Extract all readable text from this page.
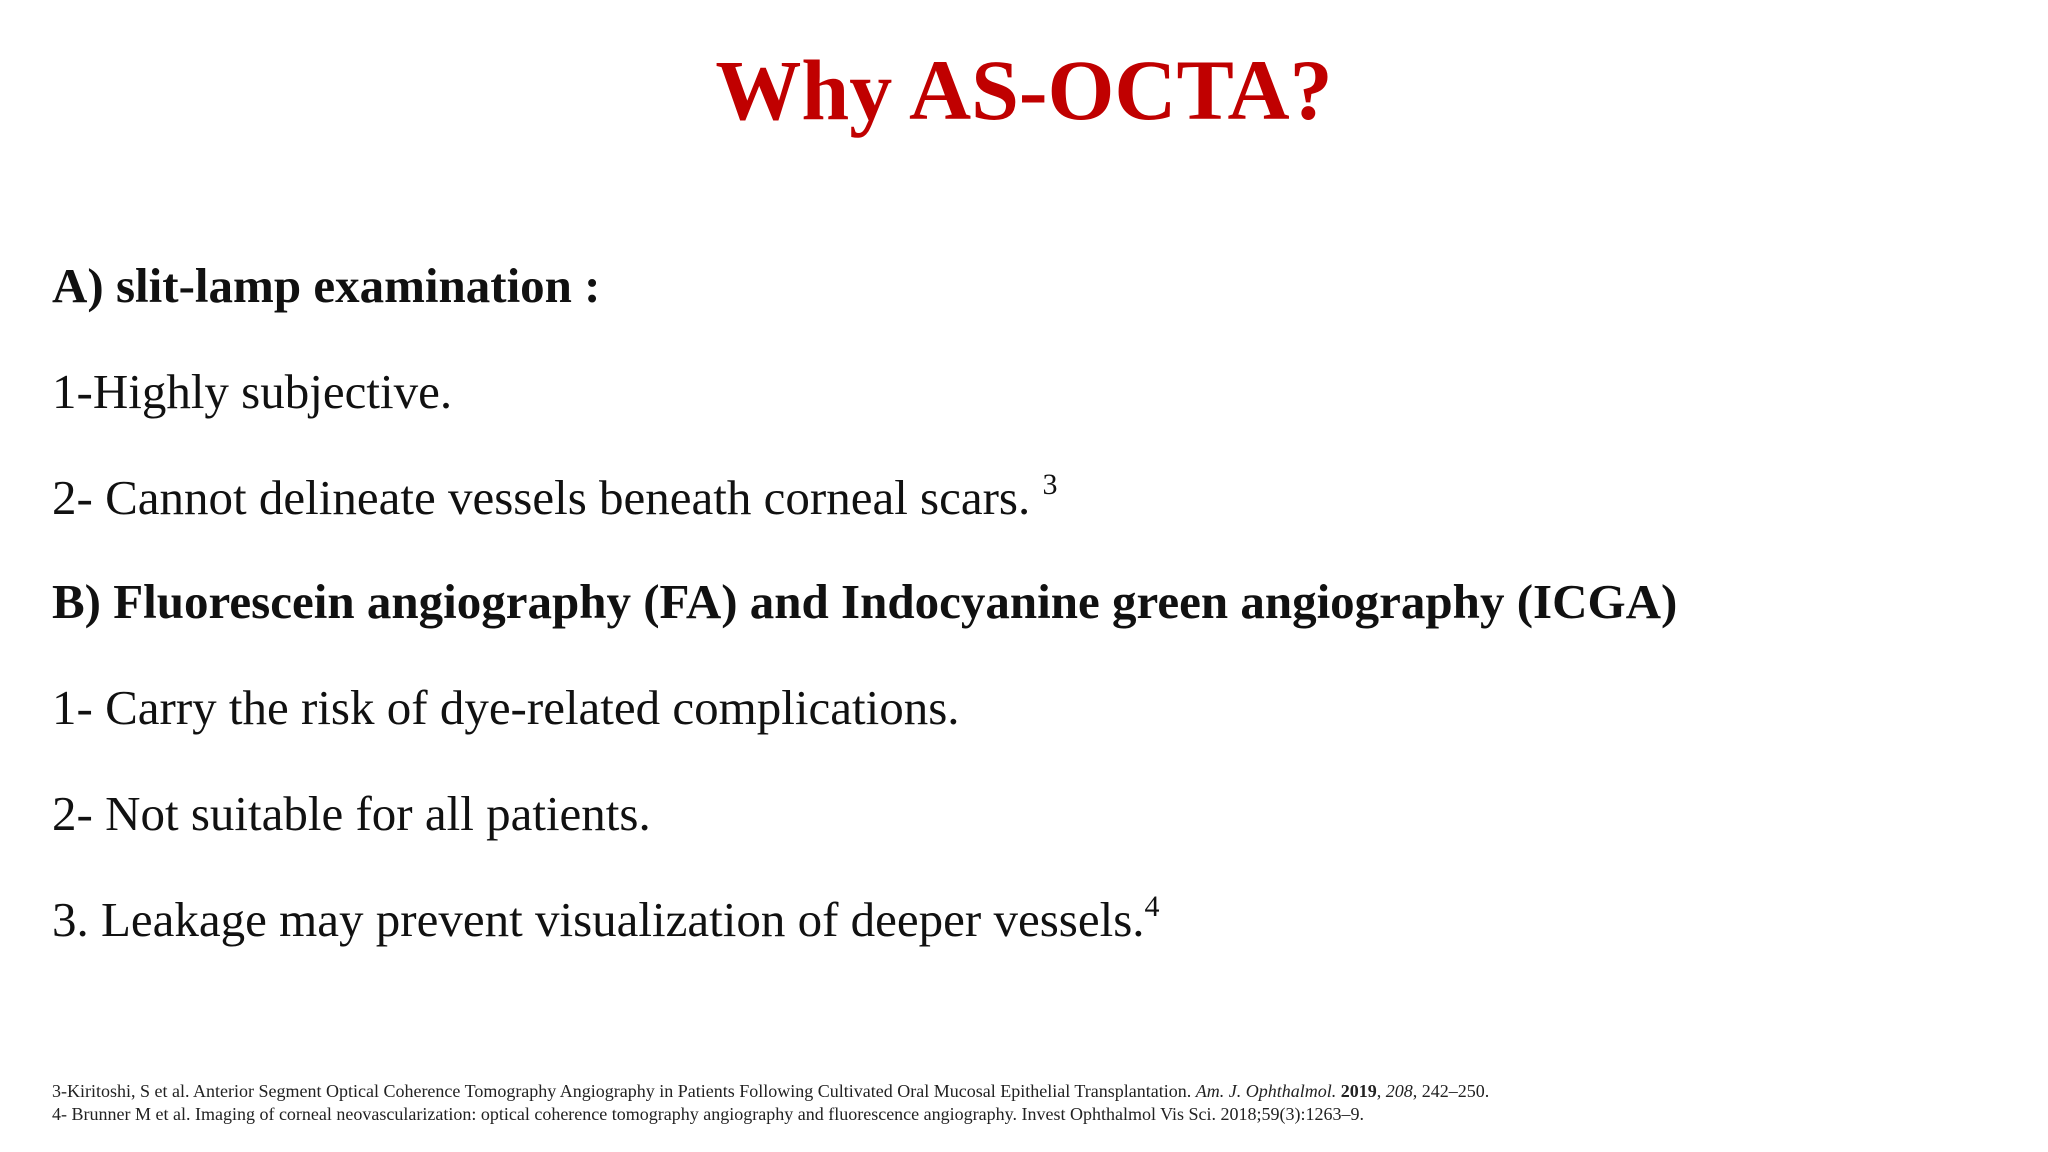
Why AS-OCTA?
A) slit-lamp examination :
1-Highly subjective.
2- Cannot delineate vessels beneath corneal scars. $^3$
B) Fluorescein angiography (FA) and Indocyanine green angiography (ICGA)
1- Carry the risk of dye-related complications.
2- Not suitable for all patients.
3. Leakage may prevent visualization of deeper vessels.$^4$
3-Kiritoshi, S et al. Anterior Segment Optical Coherence Tomography Angiography in Patients Following Cultivated Oral Mucosal Epithelial Transplantation. Am. J. Ophthalmol. 2019, 208, 242–250.
4- Brunner M et al. Imaging of corneal neovascularization: optical coherence tomography angiography and fluorescence angiography. Invest Ophthalmol Vis Sci. 2018;59(3):1263–9.
